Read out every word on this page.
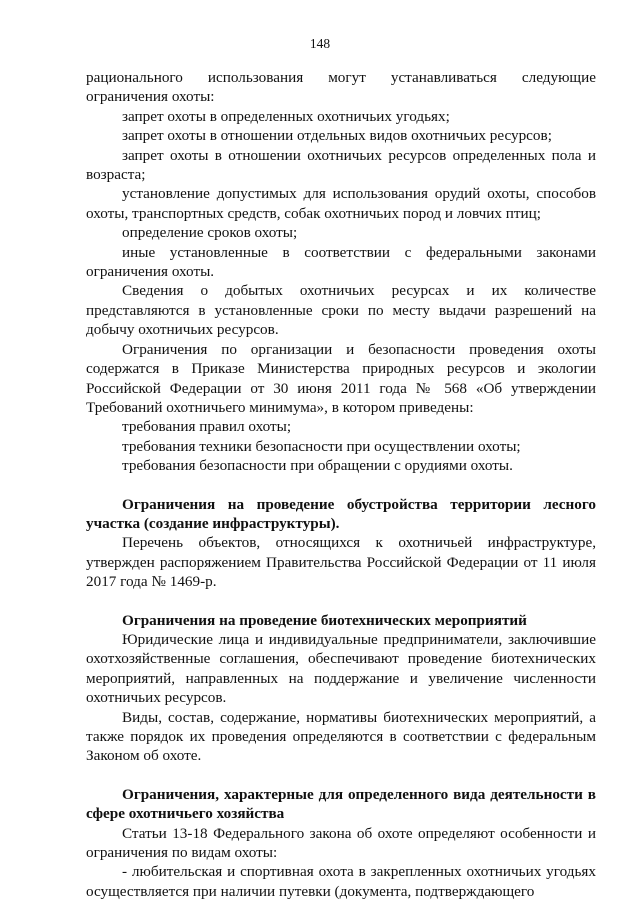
148

рационального использования могут устанавливаться следующие ограничения охоты:

запрет охоты в определенных охотничьих угодьях;

запрет охоты в отношении отдельных видов охотничьих ресурсов;

запрет охоты в отношении охотничьих ресурсов определенных пола и возраста;

установление допустимых для использования орудий охоты, способов охоты, транспортных средств, собак охотничьих пород и ловчих птиц;

определение сроков охоты;

иные установленные в соответствии с федеральными законами ограничения охоты.

Сведения о добытых охотничьих ресурсах и их количестве представляются в установленные сроки по месту выдачи разрешений на добычу охотничьих ресурсов.

Ограничения по организации и безопасности проведения охоты содержатся в Приказе Министерства природных ресурсов и экологии Российской Федерации от 30 июня 2011 года № 568 «Об утверждении Требований охотничьего минимума», в котором приведены:

требования правил охоты;

требования техники безопасности при осуществлении охоты;

требования безопасности при обращении с орудиями охоты.

Ограничения на проведение обустройства территории лесного участка (создание инфраструктуры).

Перечень объектов, относящихся к охотничьей инфраструктуре, утвержден распоряжением Правительства Российской Федерации от 11 июля 2017 года № 1469-р.

Ограничения на проведение биотехнических мероприятий

Юридические лица и индивидуальные предприниматели, заключившие охотхозяйственные соглашения, обеспечивают проведение биотехнических мероприятий, направленных на поддержание и увеличение численности охотничьих ресурсов.

Виды, состав, содержание, нормативы биотехнических мероприятий, а также порядок их проведения определяются в соответствии с федеральным Законом об охоте.

Ограничения, характерные для определенного вида деятельности в сфере охотничьего хозяйства

Статьи 13-18 Федерального закона об охоте определяют особенности и ограничения по видам охоты:

- любительская и спортивная охота в закрепленных охотничьих угодьях осуществляется при наличии путевки (документа, подтверждающего
